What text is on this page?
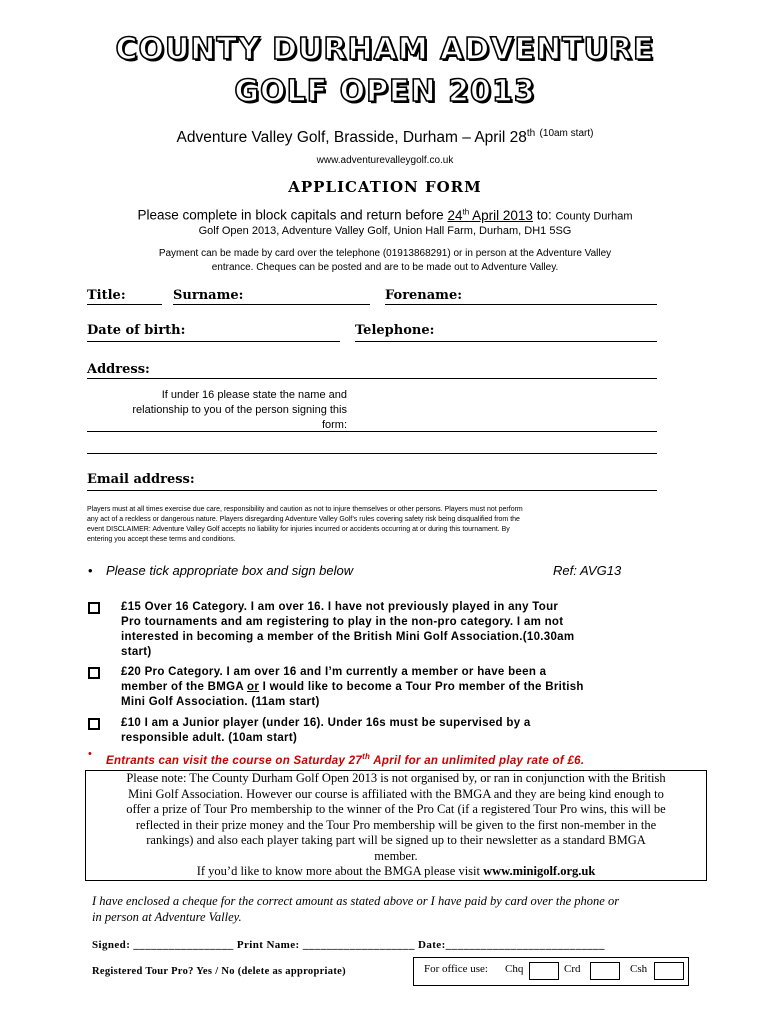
COUNTY DURHAM ADVENTURE
GOLF OPEN 2013
Adventure Valley Golf, Brasside, Durham – April 28th $^{(10am start)}$
www.adventurevalleygolf.co.uk
APPLICATION FORM
Please complete in block capitals and return before 24th April 2013 to: County Durham
Golf Open 2013, Adventure Valley Golf, Union Hall Farm, Durham, DH1 5SG
Payment can be made by card over the telephone (01913868291) or in person at the Adventure Valley
entrance. Cheques can be posted and are to be made out to Adventure Valley.
Title:	Surname:	Forename:
Date of birth:	Telephone:
Address:
If under 16 please state the name and
relationship to you of the person signing this
form:
Email address:
Players must at all times exercise due care, responsibility and caution as not to injure themselves or other persons. Players must not perform
any act of a reckless or dangerous nature. Players disregarding Adventure Valley Golf’s rules covering safety risk being disqualified from the
event DISCLAIMER: Adventure Valley Golf accepts no liability for injuries incurred or accidents occurring at or during this tournament. By
entering you accept these terms and conditions.
• Please tick appropriate box and sign below	Ref: AVG13
£15 Over 16 Category. I am over 16. I have not previously played in any Tour
Pro tournaments and am registering to play in the non-pro category. I am not
interested in becoming a member of the British Mini Golf Association.(10.30am
start)
£20 Pro Category. I am over 16 and I’m currently a member or have been a
member of the BMGA or I would like to become a Tour Pro member of the British
Mini Golf Association. (11am start)
£10 I am a Junior player (under 16). Under 16s must be supervised by a
responsible adult. (10am start)
•
Entrants can visit the course on Saturday 27th April for an unlimited play rate of £6.
Please note: The County Durham Golf Open 2013 is not organised by, or ran in conjunction with the British
Mini Golf Association. However our course is affiliated with the BMGA and they are being kind enough to
offer a prize of Tour Pro membership to the winner of the Pro Cat (if a registered Tour Pro wins, this will be
reflected in their prize money and the Tour Pro membership will be given to the first non-member in the
rankings) and also each player taking part will be signed up to their newsletter as a standard BMGA
member.
If you’d like to know more about the BMGA please visit www.minigolf.org.uk
I have enclosed a cheque for the correct amount as stated above or I have paid by card over the phone or
in person at Adventure Valley.
Signed: _________________ Print Name: ___________________ Date:___________________________
Registered Tour Pro? Yes / No (delete as appropriate)	For office use: Chq	Crd	Csh
